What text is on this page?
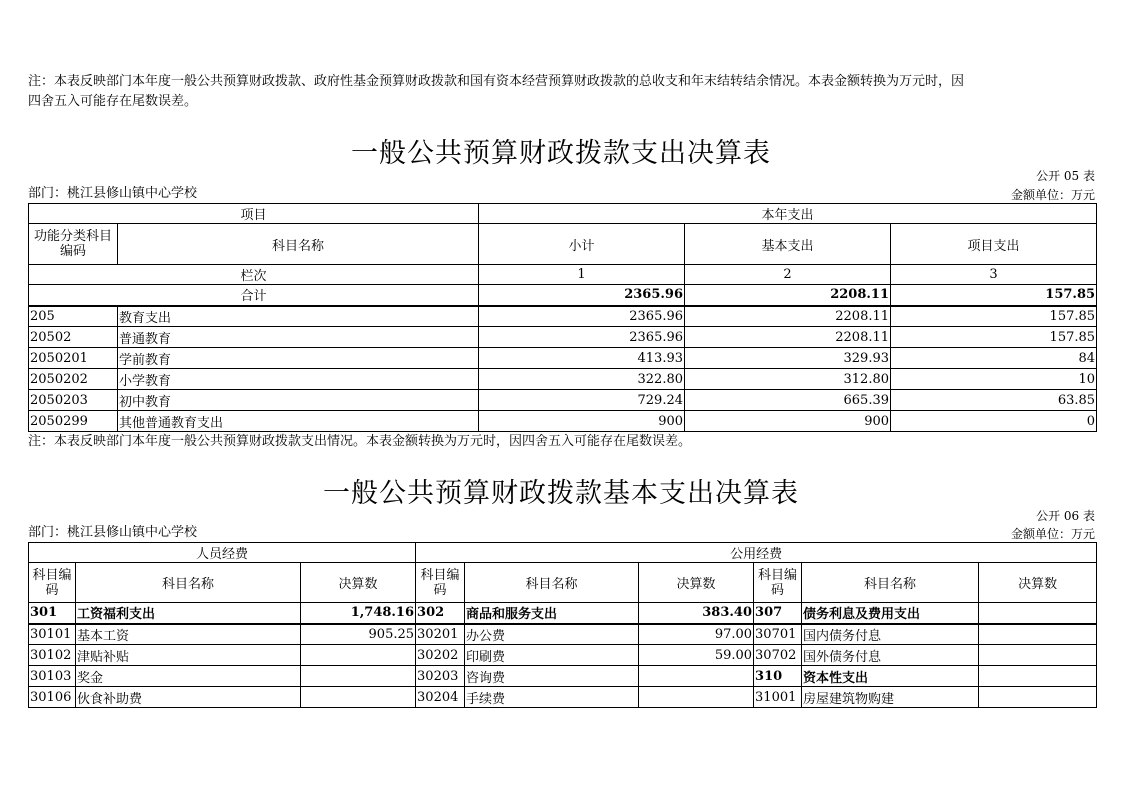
注：本表反映部门本年度一般公共预算财政拨款、政府性基金预算财政拨款和国有资本经营预算财政拨款的总收支和年末结转结余情况。本表金额转换为万元时，因
四舍五入可能存在尾数误差。
一般公共预算财政拨款支出决算表
公开 05 表
部门：桃江县修山镇中心学校	金额单位：万元
项目		本年支出		
功能分类科目编码	科目名称	小计	基本支出	项目支出
栏次		1	2	3
合计		2365.96	2208.11	157.85
205	教育支出	2365.96	2208.11	157.85
20502	普通教育	2365.96	2208.11	157.85
2050201	学前教育	413.93	329.93	84
2050202	小学教育	322.80	312.80	10
2050203	初中教育	729.24	665.39	63.85
2050299	其他普通教育支出	900	900	0
注：本表反映部门本年度一般公共预算财政拨款支出情况。本表金额转换为万元时，因四舍五入可能存在尾数误差。
一般公共预算财政拨款基本支出决算表
公开 06 表
部门：桃江县修山镇中心学校	金额单位：万元
人员经费			公用经费					
科目编码	科目名称	决算数	科目编码	科目名称	决算数	科目编码	科目名称	决算数
301	工资福利支出	1,748.16	302	商品和服务支出	383.40	307	债务利息及费用支出	
30101	基本工资	905.25	30201	办公费	97.00	30701	国内债务付息	
30102	津贴补贴		30202	印刷费	59.00	30702	国外债务付息	
30103	奖金		30203	咨询费		310	资本性支出	
30106	伙食补助费		30204	手续费		31001	房屋建筑物购建	
